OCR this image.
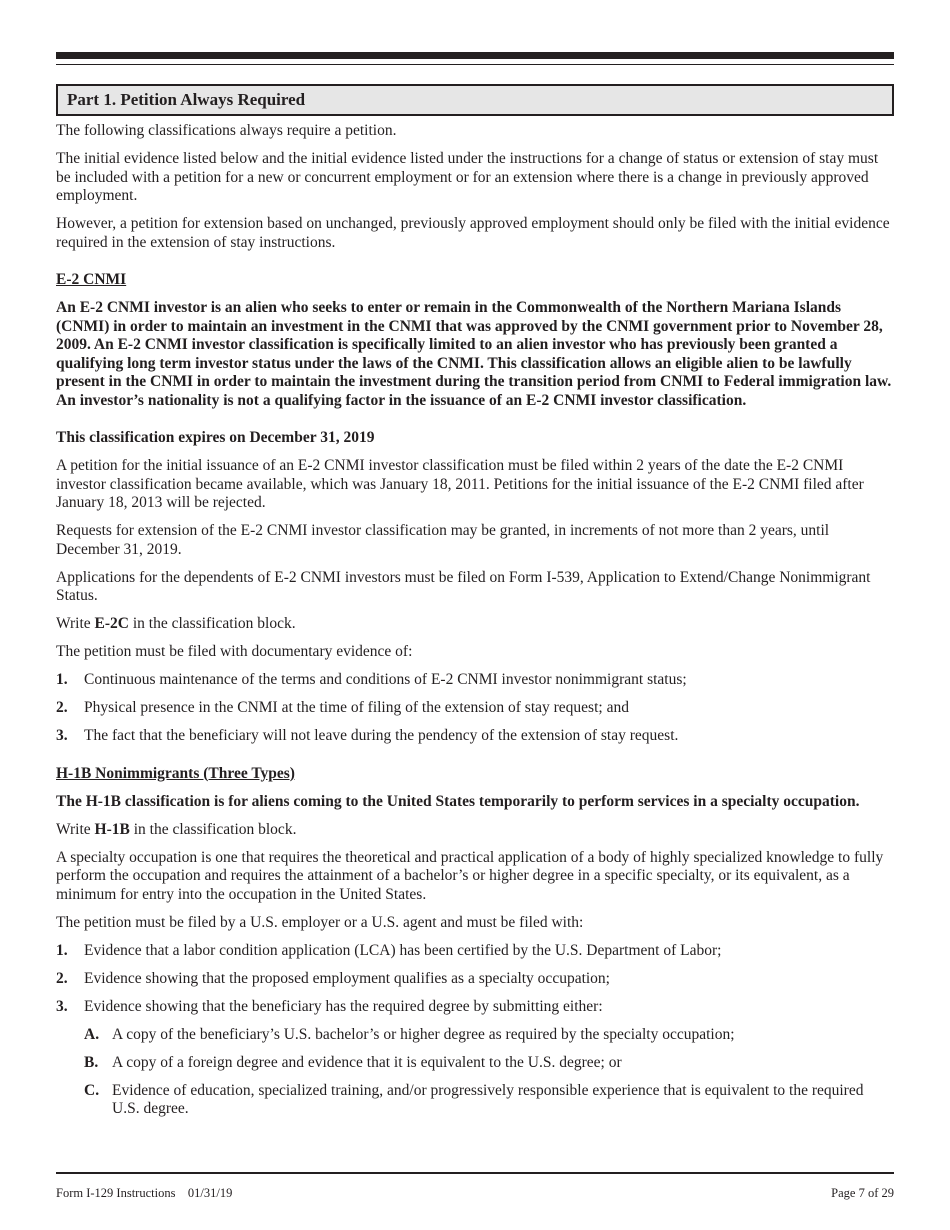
Part 1. Petition Always Required

The following classifications always require a petition.

The initial evidence listed below and the initial evidence listed under the instructions for a change of status or extension of stay must be included with a petition for a new or concurrent employment or for an extension where there is a change in previously approved employment.

However, a petition for extension based on unchanged, previously approved employment should only be filed with the initial evidence required in the extension of stay instructions.

E-2 CNMI

An E-2 CNMI investor is an alien who seeks to enter or remain in the Commonwealth of the Northern Mariana Islands (CNMI) in order to maintain an investment in the CNMI that was approved by the CNMI government prior to November 28, 2009. An E-2 CNMI investor classification is specifically limited to an alien investor who has previously been granted a qualifying long term investor status under the laws of the CNMI. This classification allows an eligible alien to be lawfully present in the CNMI in order to maintain the investment during the transition period from CNMI to Federal immigration law. An investor’s nationality is not a qualifying factor in the issuance of an E-2 CNMI investor classification.

This classification expires on December 31, 2019

A petition for the initial issuance of an E-2 CNMI investor classification must be filed within 2 years of the date the E-2 CNMI investor classification became available, which was January 18, 2011. Petitions for the initial issuance of the E-2 CNMI filed after January 18, 2013 will be rejected.

Requests for extension of the E-2 CNMI investor classification may be granted, in increments of not more than 2 years, until December 31, 2019.

Applications for the dependents of E-2 CNMI investors must be filed on Form I-539, Application to Extend/Change Nonimmigrant Status.

Write E-2C in the classification block.

The petition must be filed with documentary evidence of:

1. Continuous maintenance of the terms and conditions of E-2 CNMI investor nonimmigrant status;
2. Physical presence in the CNMI at the time of filing of the extension of stay request; and
3. The fact that the beneficiary will not leave during the pendency of the extension of stay request.

H-1B Nonimmigrants (Three Types)

The H-1B classification is for aliens coming to the United States temporarily to perform services in a specialty occupation.

Write H-1B in the classification block.

A specialty occupation is one that requires the theoretical and practical application of a body of highly specialized knowledge to fully perform the occupation and requires the attainment of a bachelor’s or higher degree in a specific specialty, or its equivalent, as a minimum for entry into the occupation in the United States.

The petition must be filed by a U.S. employer or a U.S. agent and must be filed with:

1. Evidence that a labor condition application (LCA) has been certified by the U.S. Department of Labor;
2. Evidence showing that the proposed employment qualifies as a specialty occupation;
3. Evidence showing that the beneficiary has the required degree by submitting either:
A. A copy of the beneficiary’s U.S. bachelor’s or higher degree as required by the specialty occupation;
B. A copy of a foreign degree and evidence that it is equivalent to the U.S. degree; or
C. Evidence of education, specialized training, and/or progressively responsible experience that is equivalent to the required U.S. degree.
Form I-129 Instructions    01/31/19	Page 7 of 29
